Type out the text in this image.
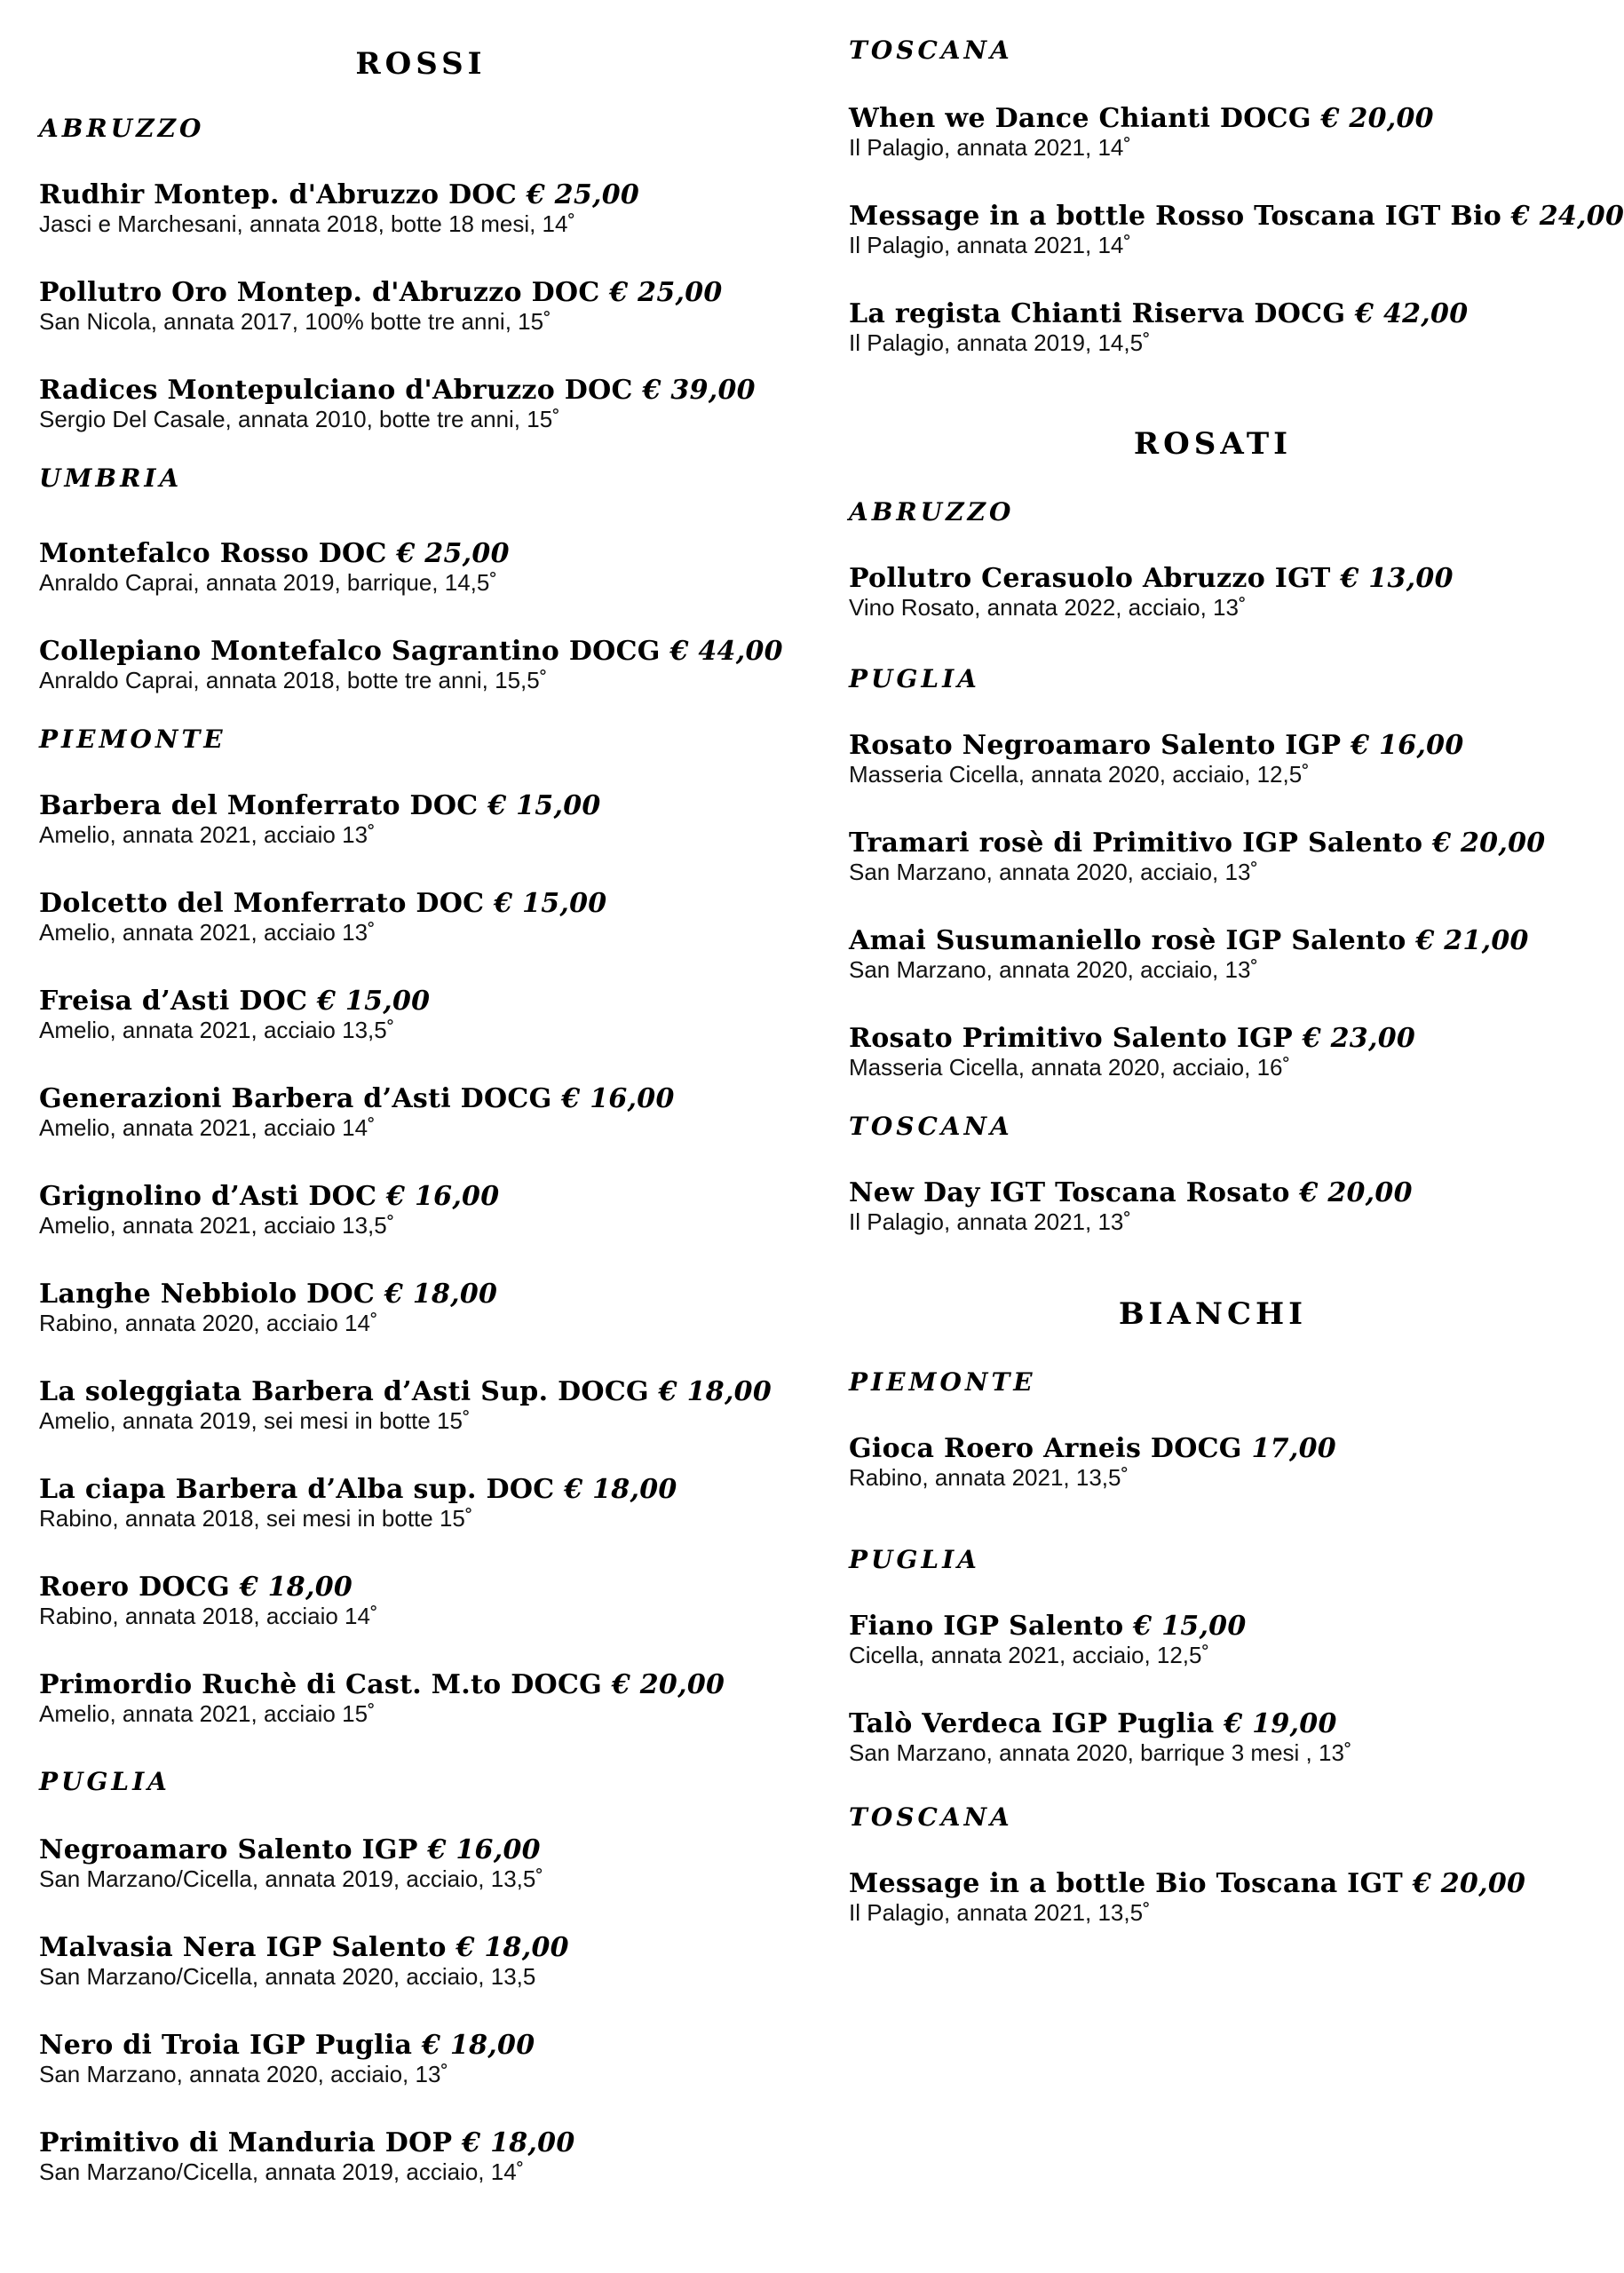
ROSSI
ABRUZZO
Rudhir Montep. d'Abruzzo DOC € 25,00
Jasci e Marchesani, annata 2018, botte 18 mesi, 14˚
Pollutro Oro Montep. d'Abruzzo DOC € 25,00
San Nicola, annata 2017, 100% botte tre anni, 15˚
Radices Montepulciano d'Abruzzo DOC € 39,00
Sergio Del Casale, annata 2010, botte tre anni, 15˚
UMBRIA
Montefalco Rosso DOC € 25,00
Anraldo Caprai, annata 2019, barrique, 14,5˚
Collepiano Montefalco Sagrantino DOCG € 44,00
Anraldo Caprai, annata 2018, botte tre anni, 15,5˚
PIEMONTE
Barbera del Monferrato DOC € 15,00
Amelio, annata 2021, acciaio 13˚
Dolcetto del Monferrato DOC € 15,00
Amelio, annata 2021, acciaio 13˚
Freisa d’Asti DOC € 15,00
Amelio, annata 2021, acciaio 13,5˚
Generazioni Barbera d’Asti DOCG € 16,00
Amelio, annata 2021, acciaio 14˚
Grignolino d’Asti DOC € 16,00
Amelio, annata 2021, acciaio 13,5˚
Langhe Nebbiolo DOC € 18,00
Rabino, annata 2020, acciaio 14˚
La soleggiata Barbera d’Asti Sup. DOCG € 18,00
Amelio, annata 2019, sei mesi in botte 15˚
La ciapa Barbera d’Alba sup. DOC € 18,00
Rabino, annata 2018, sei mesi in botte 15˚
Roero DOCG € 18,00
Rabino, annata 2018, acciaio 14˚
Primordio Ruchè di Cast. M.to DOCG € 20,00
Amelio, annata 2021, acciaio 15˚
PUGLIA
Negroamaro Salento IGP € 16,00
San Marzano/Cicella, annata 2019, acciaio, 13,5˚
Malvasia Nera IGP Salento € 18,00
San Marzano/Cicella, annata 2020, acciaio, 13,5
Nero di Troia IGP Puglia € 18,00
San Marzano, annata 2020, acciaio, 13˚
Primitivo di Manduria DOP € 18,00
San Marzano/Cicella, annata 2019, acciaio, 14˚
TOSCANA
When we Dance Chianti DOCG € 20,00
Il Palagio, annata 2021, 14˚
Message in a bottle Rosso Toscana IGT Bio € 24,00
Il Palagio, annata 2021, 14˚
La regista Chianti Riserva DOCG € 42,00
Il Palagio, annata 2019, 14,5˚
ROSATI
ABRUZZO
Pollutro Cerasuolo Abruzzo IGT € 13,00
Vino Rosato, annata 2022, acciaio, 13˚
PUGLIA
Rosato Negroamaro Salento IGP € 16,00
Masseria Cicella, annata 2020, acciaio, 12,5˚
Tramari rosè di Primitivo IGP Salento € 20,00
San Marzano, annata 2020, acciaio, 13˚
Amai Susumaniello rosè IGP Salento € 21,00
San Marzano, annata 2020, acciaio, 13˚
Rosato Primitivo Salento IGP € 23,00
Masseria Cicella, annata 2020, acciaio, 16˚
TOSCANA
New Day IGT Toscana Rosato € 20,00
Il Palagio, annata 2021, 13˚
BIANCHI
PIEMONTE
Gioca Roero Arneis DOCG 17,00
Rabino, annata 2021, 13,5˚
PUGLIA
Fiano IGP Salento € 15,00
Cicella, annata 2021, acciaio, 12,5˚
Talò Verdeca IGP Puglia € 19,00
San Marzano, annata 2020, barrique 3 mesi , 13˚
TOSCANA
Message in a bottle Bio Toscana IGT € 20,00
Il Palagio, annata 2021, 13,5˚
